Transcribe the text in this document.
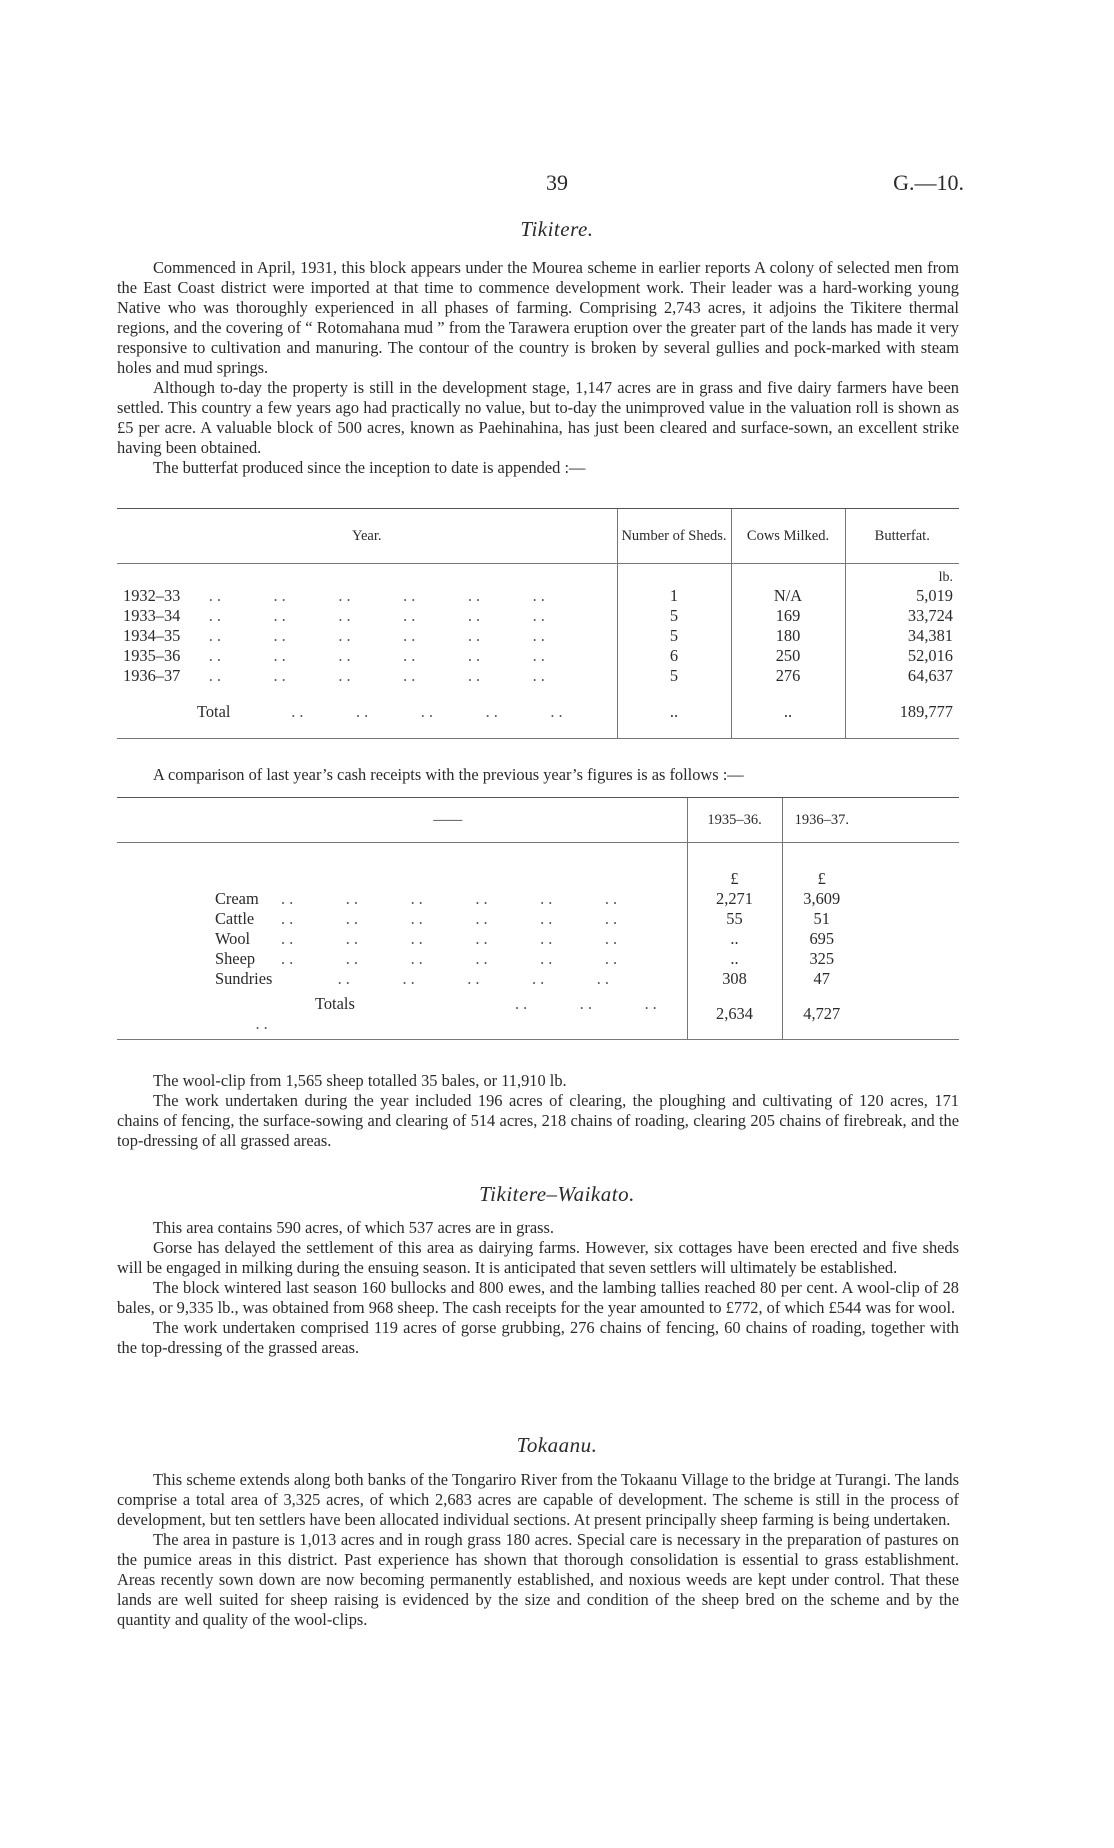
39	G.—10.
Tikitere.

Commenced in April, 1931, this block appears under the Mourea scheme in earlier reports A colony of selected men from the East Coast district were imported at that time to commence development work. Their leader was a hard-working young Native who was thoroughly experienced in all phases of farming. Comprising 2,743 acres, it adjoins the Tikitere thermal regions, and the covering of “ Rotomahana mud ” from the Tarawera eruption over the greater part of the lands has made it very responsive to cultivation and manuring. The contour of the country is broken by several gullies and pock-marked with steam holes and mud springs.

Although to-day the property is still in the development stage, 1,147 acres are in grass and five dairy farmers have been settled. This country a few years ago had practically no value, but to-day the unimproved value in the valuation roll is shown as £5 per acre. A valuable block of 500 acres, known as Paehinahina, has just been cleared and surface-sown, an excellent strike having been obtained.

The butterfat produced since the inception to date is appended :—

Year.	Number of Sheds.	Cows Milked.	Butterfat.
			lb.
1932–33    ..      ..      ..      ..      ..      ..	1	N/A	5,019
1933–34    ..      ..      ..      ..      ..      ..	5	169	33,724
1934–35    ..      ..      ..      ..      ..      ..	5	180	34,381
1935–36    ..      ..      ..      ..      ..      ..	6	250	52,016
1936–37    ..      ..      ..      ..      ..      ..	5	276	64,637
Total        ..      ..      ..      ..      ..	..	..	189,777

A comparison of last year’s cash receipts with the previous year’s figures is as follows :—

	——	1935–36.	1936–37.	
		£	£	
	Cream ..      ..      ..      ..      ..      ..	2,271	3,609	
	Cattle ..      ..      ..      ..      ..      ..	55	51	
	Wool ..      ..      ..      ..      ..      ..	..	695	
	Sheep ..      ..      ..      ..      ..      ..	..	325	
	Sundries       ..      ..      ..      ..      ..	308	47	
	Totals ..      ..      ..      ..	2,634	4,727	

The wool-clip from 1,565 sheep totalled 35 bales, or 11,910 lb.

The work undertaken during the year included 196 acres of clearing, the ploughing and cultivating of 120 acres, 171 chains of fencing, the surface-sowing and clearing of 514 acres, 218 chains of roading, clearing 205 chains of firebreak, and the top-dressing of all grassed areas.

Tikitere–Waikato.

This area contains 590 acres, of which 537 acres are in grass.

Gorse has delayed the settlement of this area as dairying farms. However, six cottages have been erected and five sheds will be engaged in milking during the ensuing season. It is anticipated that seven settlers will ultimately be established.

The block wintered last season 160 bullocks and 800 ewes, and the lambing tallies reached 80 per cent. A wool-clip of 28 bales, or 9,335 lb., was obtained from 968 sheep. The cash receipts for the year amounted to £772, of which £544 was for wool.

The work undertaken comprised 119 acres of gorse grubbing, 276 chains of fencing, 60 chains of roading, together with the top-dressing of the grassed areas.

Tokaanu.

This scheme extends along both banks of the Tongariro River from the Tokaanu Village to the bridge at Turangi. The lands comprise a total area of 3,325 acres, of which 2,683 acres are capable of development. The scheme is still in the process of development, but ten settlers have been allocated individual sections. At present principally sheep farming is being undertaken.

The area in pasture is 1,013 acres and in rough grass 180 acres. Special care is necessary in the preparation of pastures on the pumice areas in this district. Past experience has shown that thorough consolidation is essential to grass establishment. Areas recently sown down are now becoming permanently established, and noxious weeds are kept under control. That these lands are well suited for sheep raising is evidenced by the size and condition of the sheep bred on the scheme and by the quantity and quality of the wool-clips.
